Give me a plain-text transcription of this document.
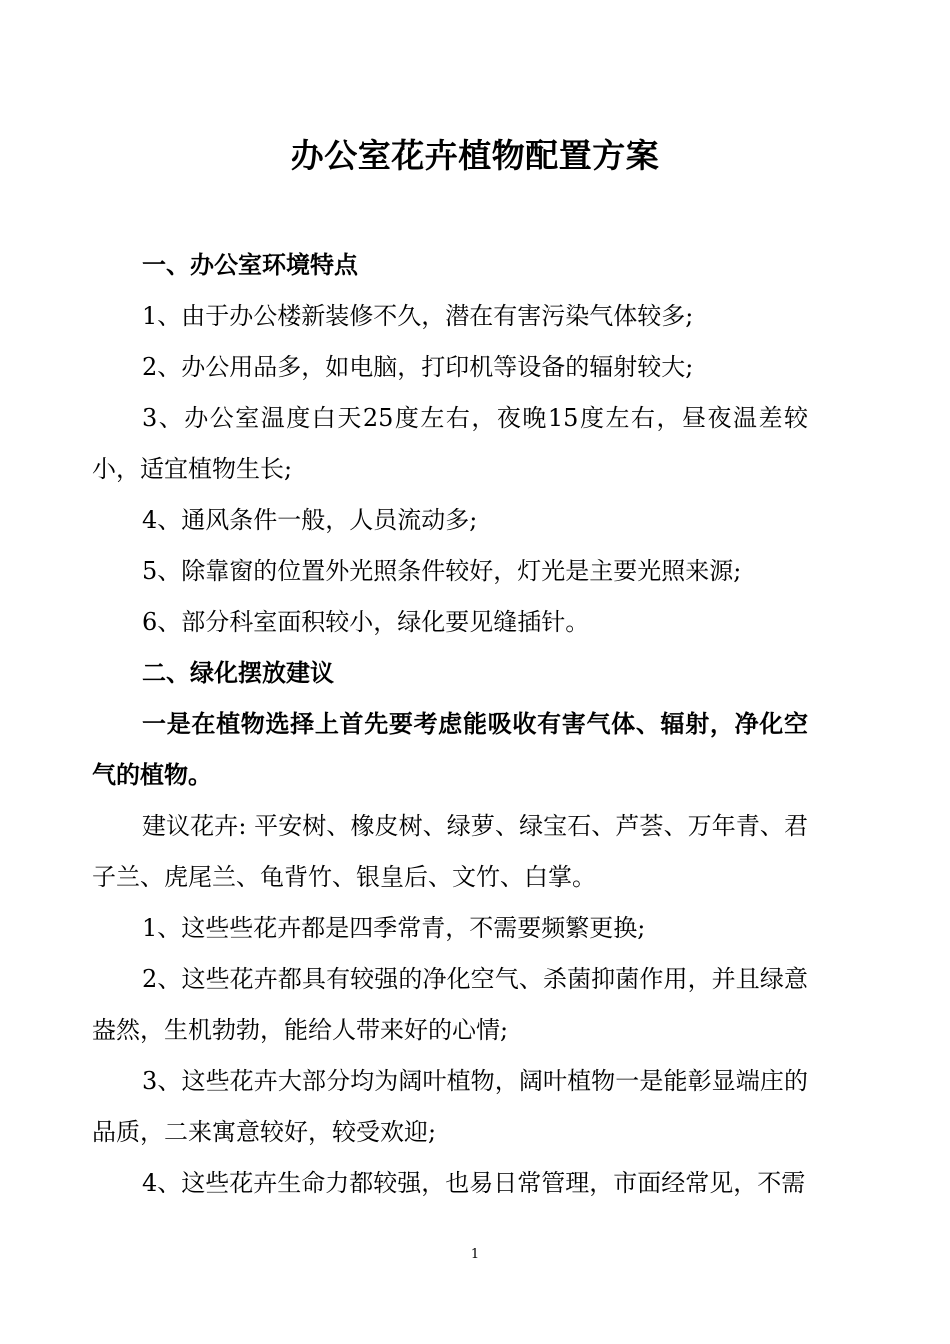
办公室花卉植物配置方案

一、办公室环境特点

1、由于办公楼新装修不久，潜在有害污染气体较多;

2、办公用品多，如电脑，打印机等设备的辐射较大;

3、办公室温度白天25度左右，夜晚15度左右，昼夜温差较小，适宜植物生长;

4、通风条件一般，人员流动多;

5、除靠窗的位置外光照条件较好，灯光是主要光照来源;

6、部分科室面积较小，绿化要见缝插针。

二、绿化摆放建议

一是在植物选择上首先要考虑能吸收有害气体、辐射，净化空气的植物。

建议花卉: 平安树、橡皮树、绿萝、绿宝石、芦荟、万年青、君子兰、虎尾兰、龟背竹、银皇后、文竹、白掌。

1、这些些花卉都是四季常青，不需要频繁更换;

2、这些花卉都具有较强的净化空气、杀菌抑菌作用，并且绿意盎然，生机勃勃，能给人带来好的心情;

3、这些花卉大部分均为阔叶植物，阔叶植物一是能彰显端庄的品质，二来寓意较好，较受欢迎;

4、这些花卉生命力都较强，也易日常管理，市面经常见，不需

1
